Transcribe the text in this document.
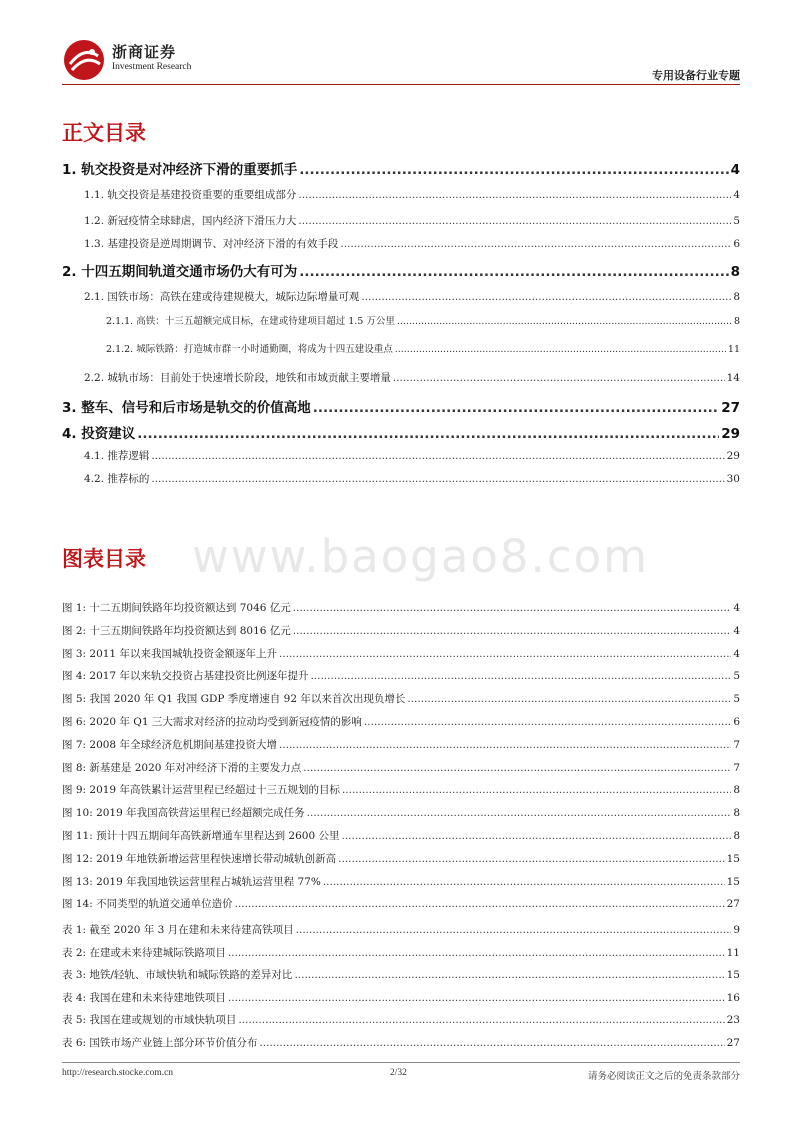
浙商证券
Investment Research
专用设备行业专题
正文目录
1. 轨交投资是对冲经济下滑的重要抓手 .....	4
1.1. 轨交投资是基建投资重要的重要组成部分 .....	4
1.2. 新冠疫情全球肆虐，国内经济下滑压力大 .....	5
1.3. 基建投资是逆周期调节、对冲经济下滑的有效手段 .....	6
2. 十四五期间轨道交通市场仍大有可为 .....	8
2.1. 国铁市场：高铁在建或待建规模大，城际边际增量可观 .....	8
2.1.1. 高铁：十三五超额完成目标，在建或待建项目超过 1.5 万公里 .....	8
2.1.2. 城际铁路：打造城市群一小时通勤圈，将成为十四五建设重点 .....	11
2.2. 城轨市场：目前处于快速增长阶段，地铁和市域贡献主要增量 .....	14
3. 整车、信号和后市场是轨交的价值高地 .....	27
4. 投资建议 .....	29
4.1. 推荐逻辑 .....	29
4.2. 推荐标的 .....	30
www.baogao8.com
图表目录
图 1: 十二五期间铁路年均投资额达到 7046 亿元 .....	4
图 2: 十三五期间铁路年均投资额达到 8016 亿元 .....	4
图 3: 2011 年以来我国城轨投资金额逐年上升 .....	4
图 4: 2017 年以来轨交投资占基建投资比例逐年提升 .....	5
图 5: 我国 2020 年 Q1 我国 GDP 季度增速自 92 年以来首次出现负增长 .....	5
图 6: 2020 年 Q1 三大需求对经济的拉动均受到新冠疫情的影响 .....	6
图 7: 2008 年全球经济危机期间基建投资大增 .....	7
图 8: 新基建是 2020 年对冲经济下滑的主要发力点 .....	7
图 9: 2019 年高铁累计运营里程已经超过十三五规划的目标 .....	8
图 10: 2019 年我国高铁营运里程已经超额完成任务 .....	8
图 11: 预计十四五期间年高铁新增通车里程达到 2600 公里 .....	8
图 12: 2019 年地铁新增运营里程快速增长带动城轨创新高 .....	15
图 13: 2019 年我国地铁运营里程占城轨运营里程 77% .....	15
图 14: 不同类型的轨道交通单位造价 .....	27
表 1: 截至 2020 年 3 月在建和未来待建高铁项目 .....	9
表 2: 在建或未来待建城际铁路项目 .....	11
表 3: 地铁/轻轨、市域快轨和城际铁路的差异对比 .....	15
表 4: 我国在建和未来待建地铁项目 .....	16
表 5: 我国在建或规划的市域快轨项目 .....	23
表 6: 国铁市场产业链上部分环节价值分布 .....	27
http://research.stocke.com.cn	2/32	请务必阅读正文之后的免责条款部分
